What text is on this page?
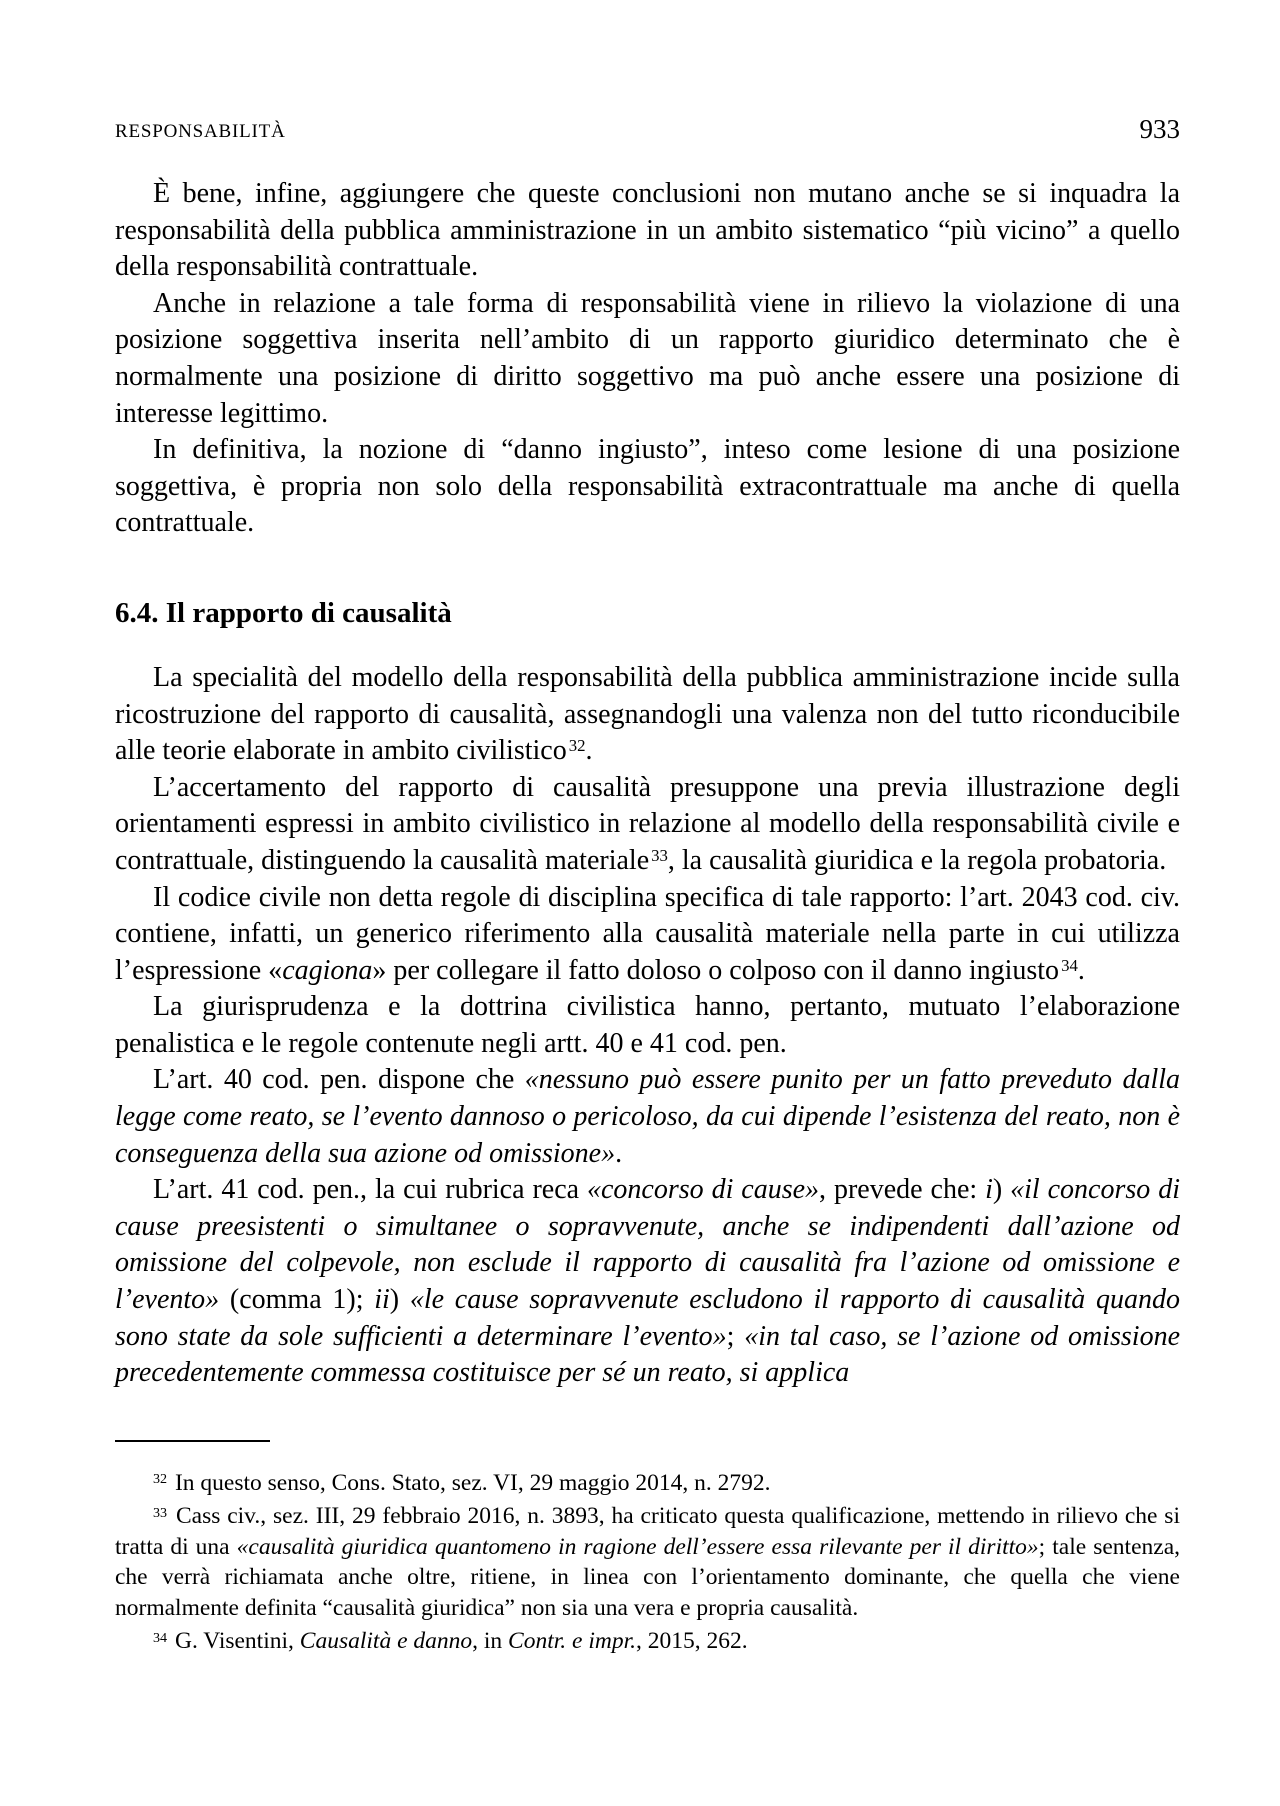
RESPONSABILITÀ	933

È bene, infine, aggiungere che queste conclusioni non mutano anche se si inquadra la responsabilità della pubblica amministrazione in un ambito sistematico “più vicino” a quello della responsabilità contrattuale.

Anche in relazione a tale forma di responsabilità viene in rilievo la violazione di una posizione soggettiva inserita nell’ambito di un rapporto giuridico determinato che è normalmente una posizione di diritto soggettivo ma può anche essere una posizione di interesse legittimo.

In definitiva, la nozione di “danno ingiusto”, inteso come lesione di una posizione soggettiva, è propria non solo della responsabilità extracontrattuale ma anche di quella contrattuale.

6.4. Il rapporto di causalità

La specialità del modello della responsabilità della pubblica amministrazione incide sulla ricostruzione del rapporto di causalità, assegnandogli una valenza non del tutto riconducibile alle teorie elaborate in ambito civilistico $^{32}$.

L’accertamento del rapporto di causalità presuppone una previa illustrazione degli orientamenti espressi in ambito civilistico in relazione al modello della responsabilità civile e contrattuale, distinguendo la causalità materiale $^{33}$, la causalità giuridica e la regola probatoria.

Il codice civile non detta regole di disciplina specifica di tale rapporto: l’art. 2043 cod. civ. contiene, infatti, un generico riferimento alla causalità materiale nella parte in cui utilizza l’espressione «cagiona» per collegare il fatto doloso o colposo con il danno ingiusto $^{34}$.

La giurisprudenza e la dottrina civilistica hanno, pertanto, mutuato l’elaborazione penalistica e le regole contenute negli artt. 40 e 41 cod. pen.

L’art. 40 cod. pen. dispone che «nessuno può essere punito per un fatto preveduto dalla legge come reato, se l’evento dannoso o pericoloso, da cui dipende l’esistenza del reato, non è conseguenza della sua azione od omissione».

L’art. 41 cod. pen., la cui rubrica reca «concorso di cause», prevede che: i) «il concorso di cause preesistenti o simultanee o sopravvenute, anche se indipendenti dall’azione od omissione del colpevole, non esclude il rapporto di causalità fra l’azione od omissione e l’evento» (comma 1); ii) «le cause sopravvenute escludono il rapporto di causalità quando sono state da sole sufficienti a determinare l’evento»; «in tal caso, se l’azione od omissione precedentemente commessa costituisce per sé un reato, si applica

$^{32}$ In questo senso, Cons. Stato, sez. VI, 29 maggio 2014, n. 2792.
$^{33}$ Cass civ., sez. III, 29 febbraio 2016, n. 3893, ha criticato questa qualificazione, mettendo in rilievo che si tratta di una «causalità giuridica quantomeno in ragione dell’essere essa rilevante per il diritto»; tale sentenza, che verrà richiamata anche oltre, ritiene, in linea con l’orientamento dominante, che quella che viene normalmente definita “causalità giuridica” non sia una vera e propria causalità.
$^{34}$ G. Visentini, Causalità e danno, in Contr. e impr., 2015, 262.
